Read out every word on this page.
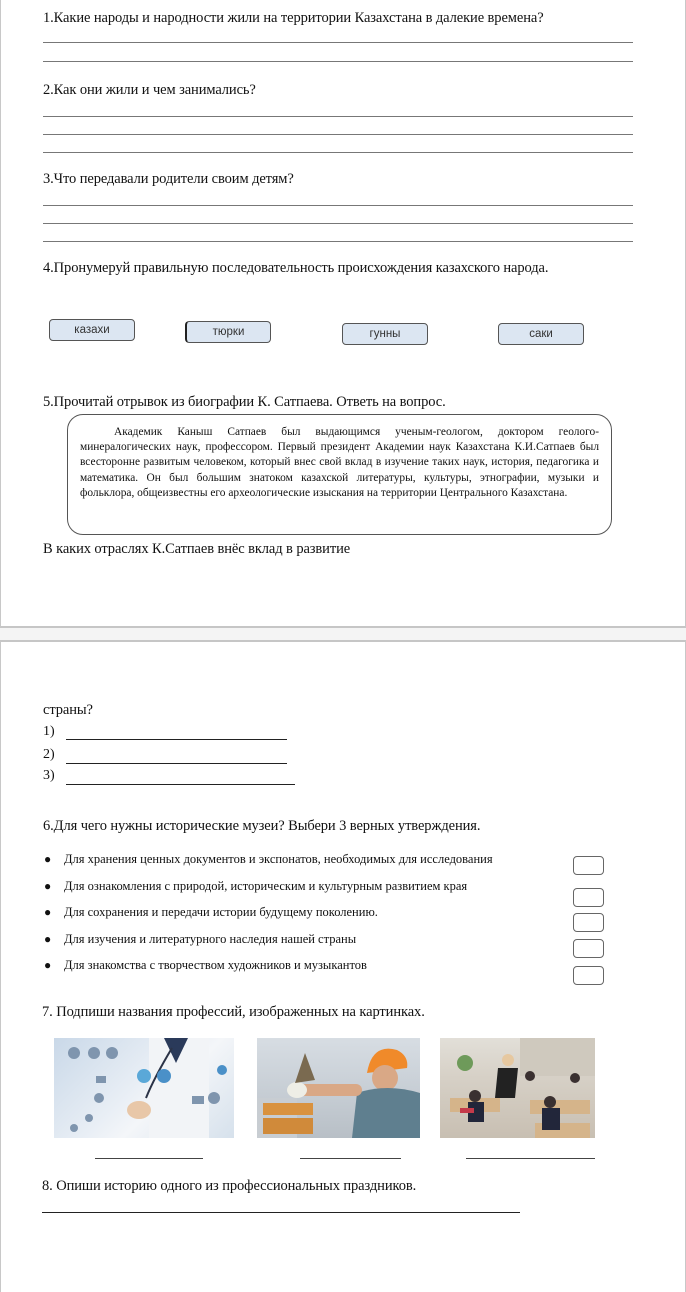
1.Какие народы и народности жили на территории Казахстана в далекие времена?
2.Как они жили и чем занимались?
3.Что передавали родители своим детям?
4.Пронумеруй правильную последовательность происхождения казахского народа.
казахи	тюрки	гунны	саки
5.Прочитай отрывок из биографии К. Сатпаева. Ответь на вопрос.

Академик Каныш Сатпаев был выдающимся ученым-геологом, доктором геолого-минералогических наук, профессором. Первый президент Академии наук Казахстана К.И.Сатпаев был всесторонне развитым человеком, который внес свой вклад в изучение таких наук, история, педагогика и математика. Он был большим знатоком казахской литературы, культуры, этнографии, музыки и фольклора, общеизвестны его археологические изыскания на территории Центрального Казахстана.

В каких отраслях К.Сатпаев внёс вклад в развитие
страны?
1)
2)
3)
6.Для чего нужны исторические музеи? Выбери 3 верных утверждения.
● Для хранения ценных документов и экспонатов, необходимых для исследования
● Для ознакомления с природой, историческим и культурным развитием края
● Для сохранения и передачи истории будущему поколению.
● Для изучения и литературного наследия нашей страны
● Для знакомства с творчеством художников и музыкантов
7. Подпиши названия профессий, изображенных на картинках.
8. Опиши историю одного из профессиональных праздников.
